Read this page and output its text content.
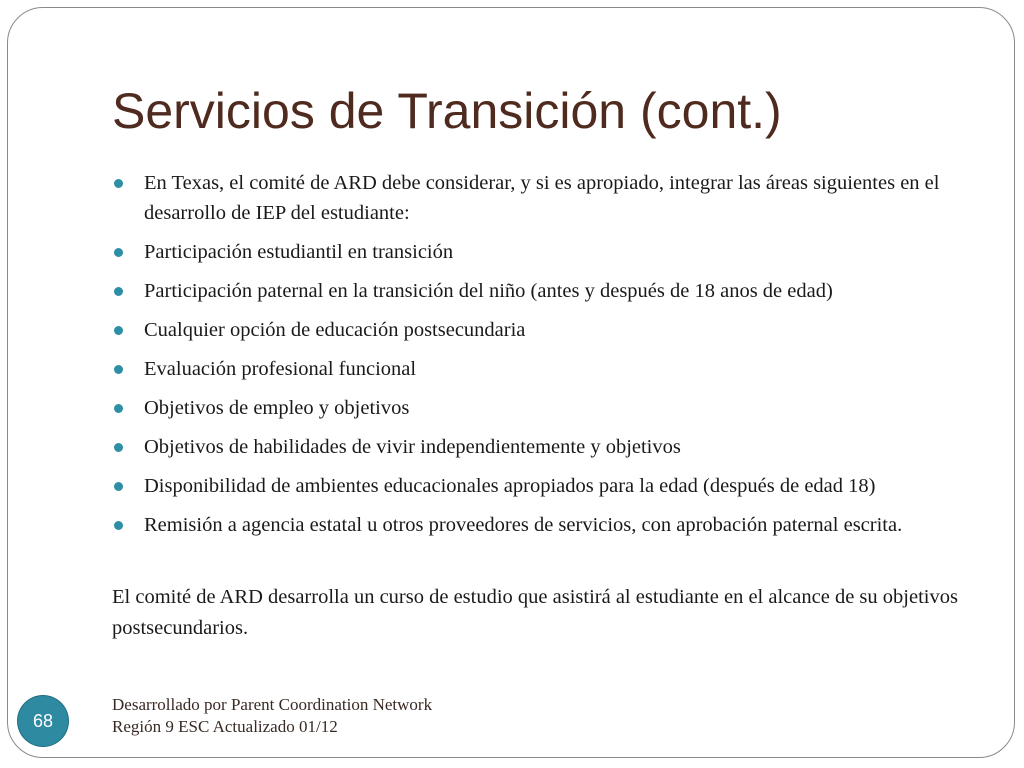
Servicios de Transición (cont.)
En Texas, el comité de ARD debe considerar, y si es apropiado, integrar las áreas siguientes en el desarrollo de IEP del estudiante:
Participación estudiantil en transición
Participación paternal en la transición del niño (antes y después de 18 anos de edad)
Cualquier opción de educación postsecundaria
Evaluación profesional funcional
Objetivos de empleo y objetivos
Objetivos de habilidades de vivir independientemente y objetivos
Disponibilidad de ambientes educacionales apropiados para la edad (después de edad 18)
Remisión a agencia estatal u otros proveedores de servicios, con aprobación paternal escrita.

El comité de ARD desarrolla un curso de estudio que asistirá al estudiante en el alcance de su objetivos postsecundarios.

68
Desarrollado por Parent Coordination Network
Región 9 ESC Actualizado 01/12
